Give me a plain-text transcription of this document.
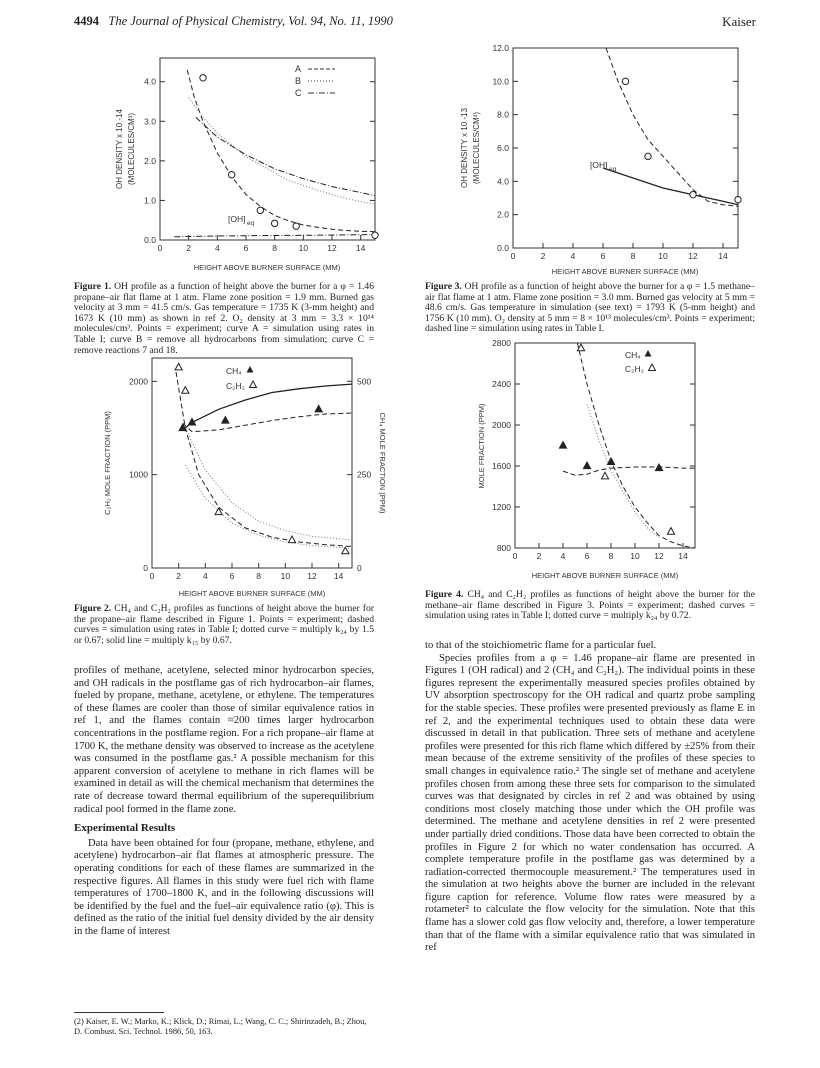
4494 The Journal of Physical Chemistry, Vol. 94, No. 11, 1990	Kaiser
0	2	4	6	8	10 12 14
0.0
1.0
2.0
3.0
4.0
OH DENSITY x 10 -14 (MOLECULES/CM³)
HEIGHT ABOVE BURNER SURFACE (MM)
A
B
C
[OH] eq
Figure 1. OH profile as a function of height above the burner for a φ = 1.46 propane–air flat flame at 1 atm. Flame zone position = 1.9 mm. Burned gas velocity at 3 mm = 41.5 cm/s. Gas temperature = 1735 K (3-mm height) and 1673 K (10 mm) as shown in ref 2. O₂ density at 3 mm = 3.3 × 10¹⁴ molecules/cm³. Points = experiment; curve A = simulation using rates in Table I; curve B = remove all hydrocarbons from simulation; curve C = remove reactions 7 and 18.
0	2	4	6	8 10 12 14
0
1000
2000
0
250
500
C₂H₂ MOLE FRACTION (PPM)	CH₄ MOLE FRACTION (PPM)
HEIGHT ABOVE BURNER SURFACE (MM)
CH₄
C₂H₂
Figure 2. CH₄ and C₂H₂ profiles as functions of height above the burner for the propane–air flame described in Figure 1. Points = experiment; dashed curves = simulation using rates in Table I; dotted curve = multiply k₂₄ by 1.5 or 0.67; solid line = multiply k₁₅ by 0.67.
0	2	4	6	8	10 12 14
0.0
2.0
4.0
6.0
8.0
10.0
12.0
OH DENSITY x 10 -13 (MOLECULES/CM³)
HEIGHT ABOVE BURNER SURFACE (MM)
[OH] eq
Figure 3. OH profile as a function of height above the burner for a φ = 1.5 methane–air flat flame at 1 atm. Flame zone position = 3.0 mm. Burned gas velocity at 5 mm = 48.6 cm/s. Gas temperature in simulation (see text) = 1793 K (5-mm height) and 1756 K (10 mm). O₂ density at 5 mm = 8 × 10¹³ molecules/cm³. Points = experiment; dashed line = simulation using rates in Table I.
0 2 4 6 8 10 12 14
800
1200
1600
2000
2400
2800
MOLE FRACTION (PPM)
HEIGHT ABOVE BURNER SURFACE (MM)
CH₄
C₂H₂
Figure 4. CH₄ and C₂H₂ profiles as functions of height above the burner for the methane–air flame described in Figure 3. Points = experiment; dashed curves = simulation using rates in Table I; dotted curve = multiply k₂₄ by 0.72.

profiles of methane, acetylene, selected minor hydrocarbon species, and OH radicals in the postflame gas of rich hydrocarbon–air flames, fueled by propane, methane, acetylene, or ethylene. The temperatures of these flames are cooler than those of similar equivalence ratios in ref 1, and the flames contain ≈200 times larger hydrocarbon concentrations in the postflame region. For a rich propane–air flame at 1700 K, the methane density was observed to increase as the acetylene was consumed in the postflame gas.² A possible mechanism for this apparent conversion of acetylene to methane in rich flames will be examined in detail as will the chemical mechanism that determines the rate of decrease toward thermal equilibrium of the superequilibrium radical pool formed in the flame zone.

Experimental Results

Data have been obtained for four (propane, methane, ethylene, and acetylene) hydrocarbon–air flat flames at atmospheric pressure. The operating conditions for each of these flames are summarized in the respective figures. All flames in this study were fuel rich with flame temperatures of 1700–1800 K, and in the following discussions will be identified by the fuel and the fuel–air equivalence ratio (φ). This is defined as the ratio of the initial fuel density divided by the air density in the flame of interest

(2) Kaiser, E. W.; Marko, K.; Klick, D.; Rimai, L.; Wang, C. C.; Shirinzadeh, B.; Zhou, D. Combust. Sci. Technol. 1986, 50, 163.

to that of the stoichiometric flame for a particular fuel.

Species profiles from a φ = 1.46 propane–air flame are presented in Figures 1 (OH radical) and 2 (CH₄ and C₂H₂). The individual points in these figures represent the experimentally measured species profiles obtained by UV absorption spectroscopy for the OH radical and quartz probe sampling for the stable species. These profiles were presented previously as flame E in ref 2, and the experimental techniques used to obtain these data were discussed in detail in that publication. Three sets of methane and acetylene profiles were presented for this rich flame which differed by ±25% from their mean because of the extreme sensitivity of the profiles of these species to small changes in equivalence ratio.² The single set of methane and acetylene profiles chosen from among these three sets for comparison to the simulated curves was that designated by circles in ref 2 and was obtained by using conditions most closely matching those under which the OH profile was determined. The methane and acetylene densities in ref 2 were presented under partially dried conditions. Those data have been corrected to obtain the profiles in Figure 2 for which no water condensation has occurred. A complete temperature profile in the postflame gas was determined by a radiation-corrected thermocouple measurement.² The temperatures used in the simulation at two heights above the burner are included in the relevant figure caption for reference. Volume flow rates were measured by a rotameter² to calculate the flow velocity for the simulation. Note that this flame has a slower cold gas flow velocity and, therefore, a lower temperature than that of the flame with a similar equivalence ratio that was simulated in ref
